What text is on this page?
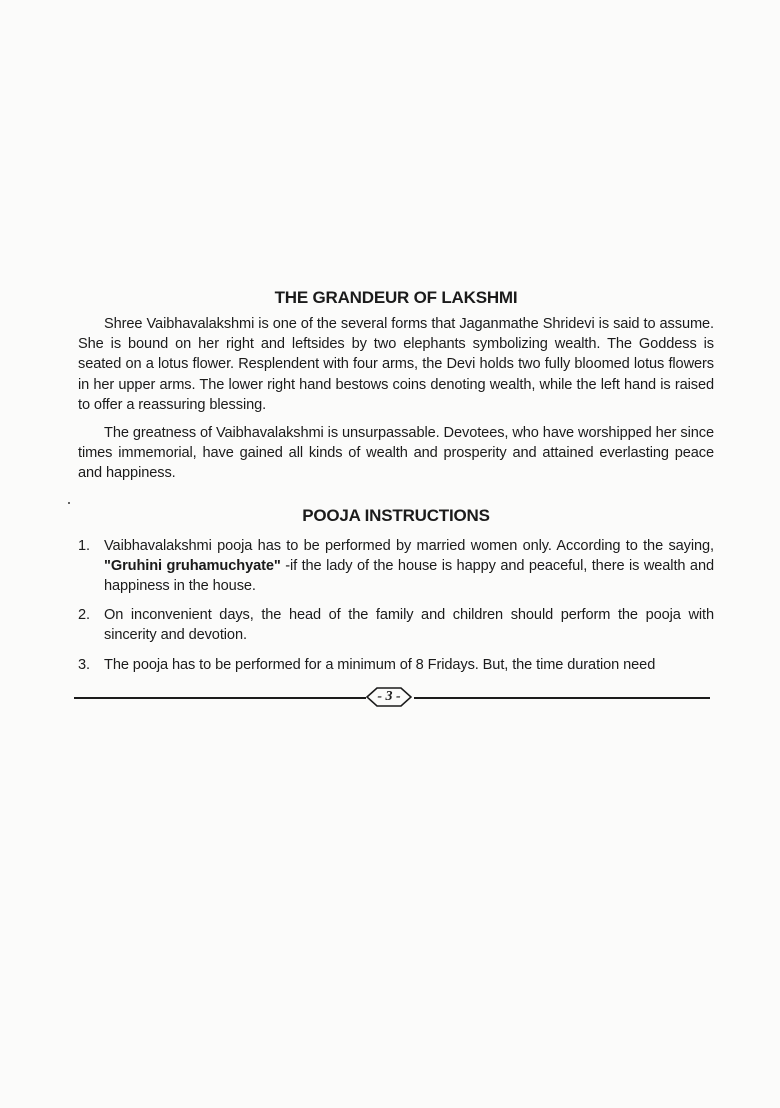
THE GRANDEUR OF LAKSHMI

Shree Vaibhavalakshmi is one of the several forms that Jaganmathe Shridevi is said to assume. She is bound on her right and leftsides by two elephants symbolizing wealth. The Goddess is seated on a lotus flower. Resplendent with four arms, the Devi holds two fully bloomed lotus flowers in her upper arms. The lower right hand bestows coins denoting wealth, while the left hand is raised to offer a reassuring blessing.

The greatness of Vaibhavalakshmi is unsurpassable. Devotees, who have worshipped her since times immemorial, have gained all kinds of wealth and prosperity and attained everlasting peace and happiness.

POOJA INSTRUCTIONS
1. Vaibhavalakshmi pooja has to be performed by married women only. According to the saying, "Gruhini gruhamuchyate" -if the lady of the house is happy and peaceful, there is wealth and happiness in the house.
2. On inconvenient days, the head of the family and children should perform the pooja with sincerity and devotion.
3. The pooja has to be performed for a minimum of 8 Fridays. But, the time duration need
- 3 -
